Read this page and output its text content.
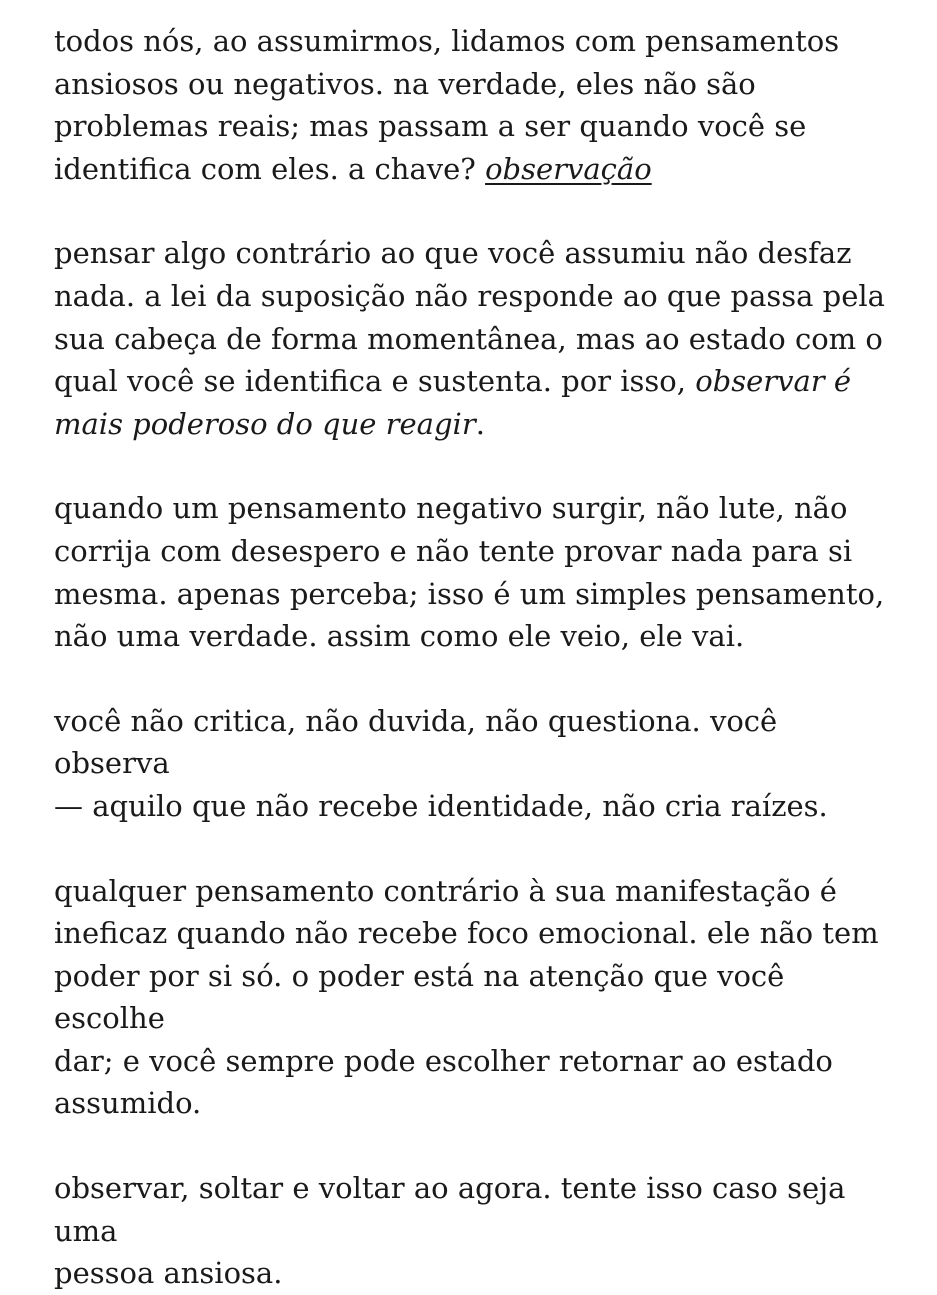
todos nós, ao assumirmos, lidamos com pensamentos
ansiosos ou negativos. na verdade, eles não são
problemas reais; mas passam a ser quando você se
identifica com eles. a chave? observação

pensar algo contrário ao que você assumiu não desfaz
nada. a lei da suposição não responde ao que passa pela
sua cabeça de forma momentânea, mas ao estado com o
qual você se identifica e sustenta. por isso, observar é
mais poderoso do que reagir.

quando um pensamento negativo surgir, não lute, não
corrija com desespero e não tente provar nada para si
mesma. apenas perceba; isso é um simples pensamento,
não uma verdade. assim como ele veio, ele vai.

você não critica, não duvida, não questiona. você observa
— aquilo que não recebe identidade, não cria raízes.

qualquer pensamento contrário à sua manifestação é
ineficaz quando não recebe foco emocional. ele não tem
poder por si só. o poder está na atenção que você escolhe
dar; e você sempre pode escolher retornar ao estado
assumido.

observar, soltar e voltar ao agora. tente isso caso seja uma
pessoa ansiosa.
